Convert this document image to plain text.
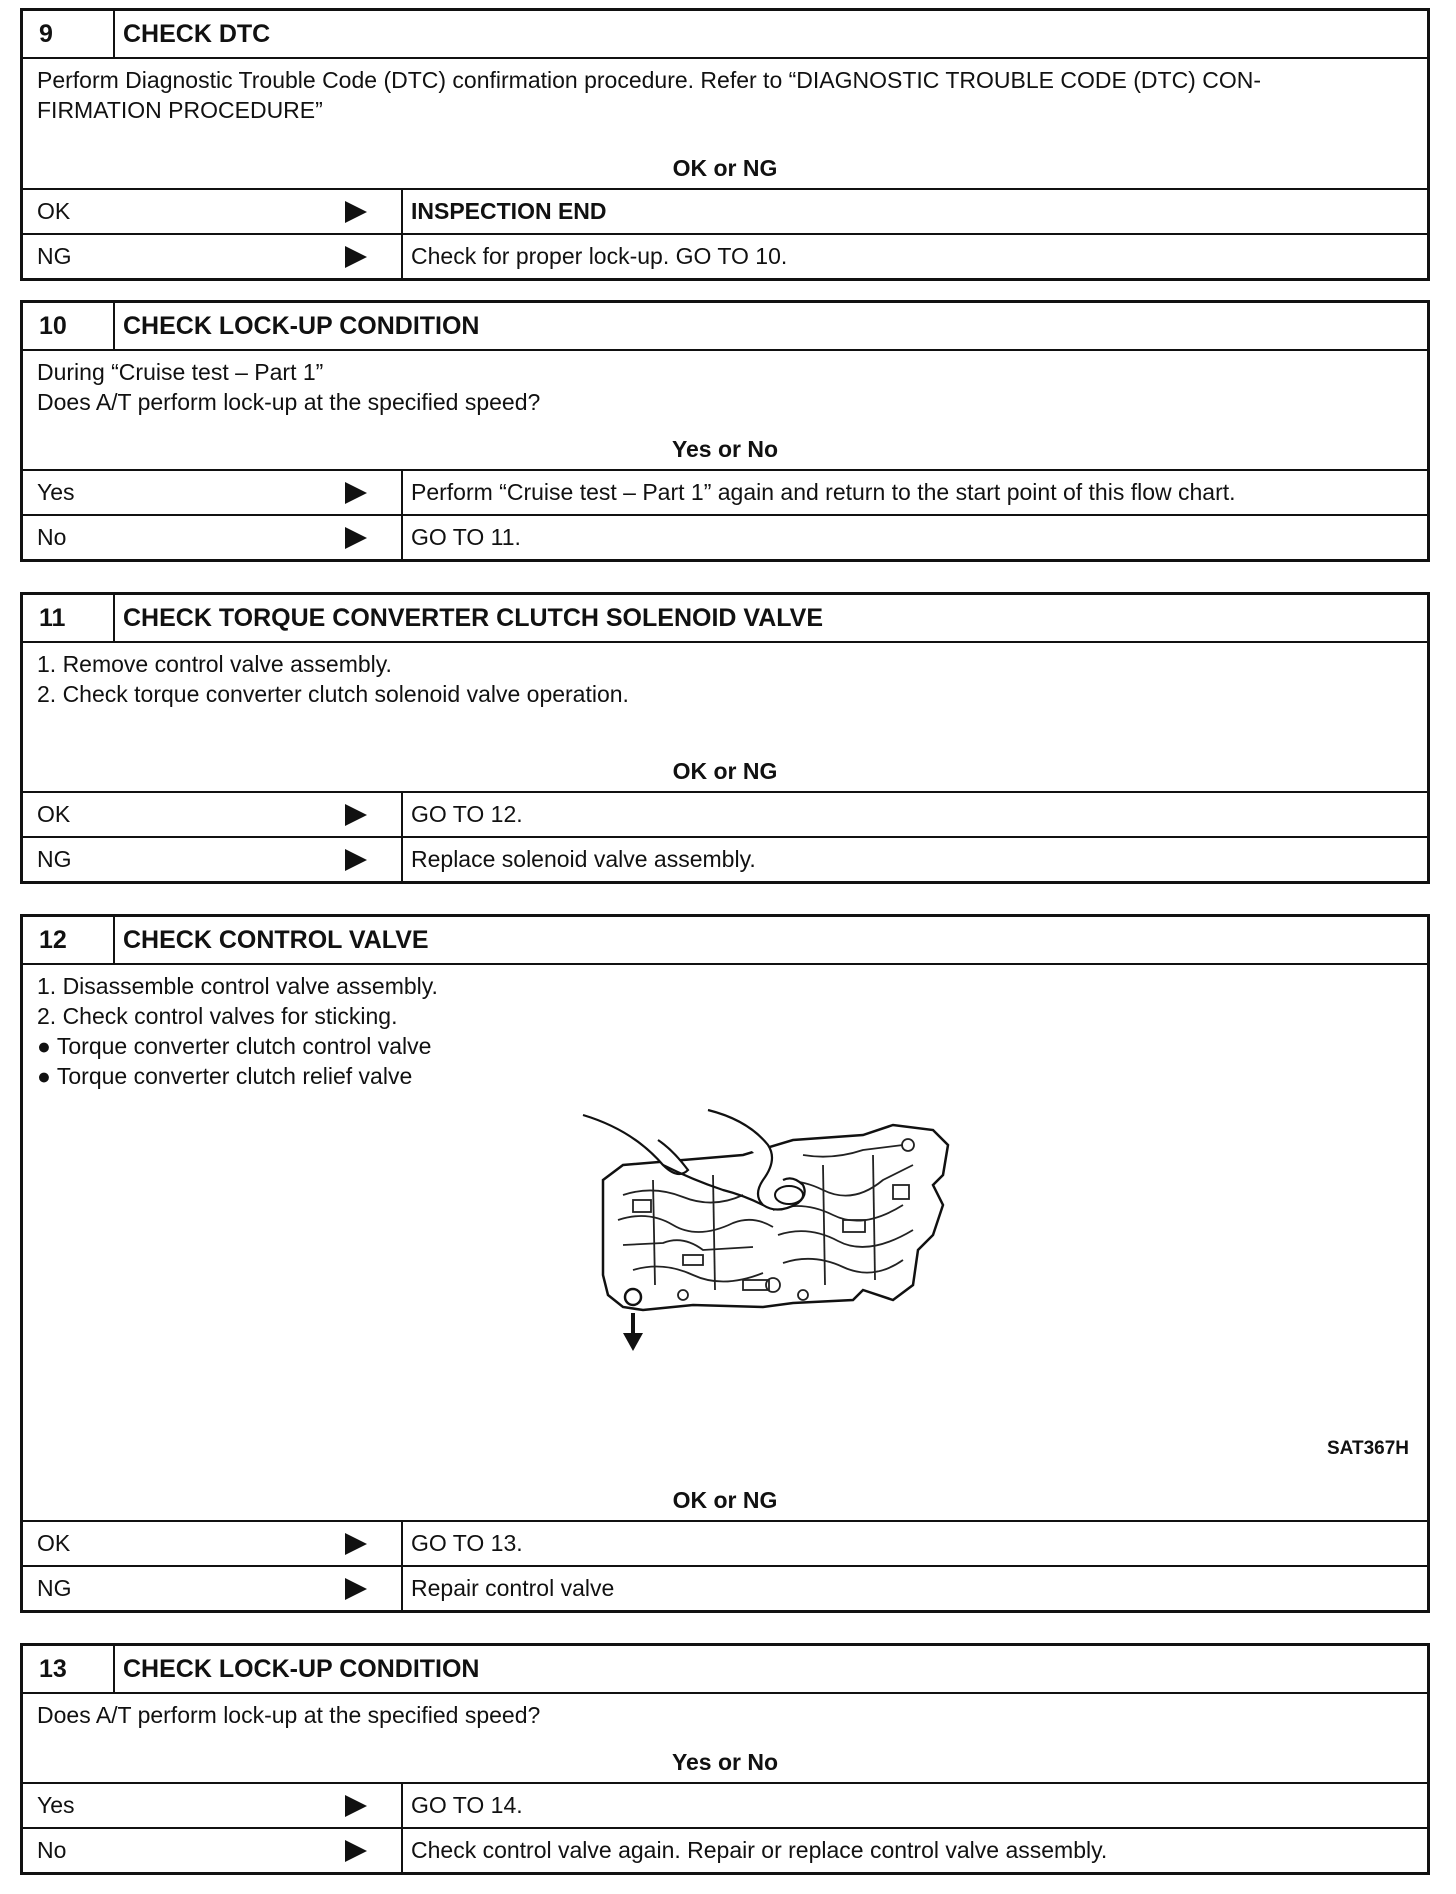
9	CHECK DTC
Perform Diagnostic Trouble Code (DTC) confirmation procedure. Refer to “DIAGNOSTIC TROUBLE CODE (DTC) CON-
FIRMATION PROCEDURE”
OK or NG
OK	INSPECTION END
NG	Check for proper lock-up. GO TO 10.
10	CHECK LOCK-UP CONDITION
During “Cruise test – Part 1”
Does A/T perform lock-up at the specified speed?
Yes or No
Yes	Perform “Cruise test – Part 1” again and return to the start point of this flow chart.
No	GO TO 11.
11	CHECK TORQUE CONVERTER CLUTCH SOLENOID VALVE
1. Remove control valve assembly.
2. Check torque converter clutch solenoid valve operation.
OK or NG
OK	GO TO 12.
NG	Replace solenoid valve assembly.
12	CHECK CONTROL VALVE
1. Disassemble control valve assembly.
2. Check control valves for sticking.
● Torque converter clutch control valve
● Torque converter clutch relief valve
SAT367H
OK or NG
OK	GO TO 13.
NG	Repair control valve
13	CHECK LOCK-UP CONDITION
Does A/T perform lock-up at the specified speed?
Yes or No
Yes	GO TO 14.
No	Check control valve again. Repair or replace control valve assembly.
